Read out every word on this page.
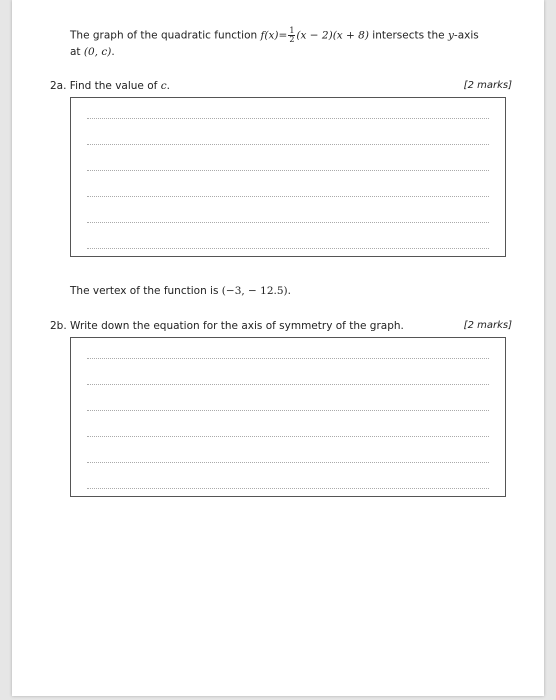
The graph of the quadratic function $f(x)= \frac{1}{2} (x - 2)(x + 8)$ intersects the y-axis
at (0, c).
2a. Find the value of c.	[2 marks]
The vertex of the function is (−3, − 12.5).
2b. Write down the equation for the axis of symmetry of the graph.	[2 marks]
